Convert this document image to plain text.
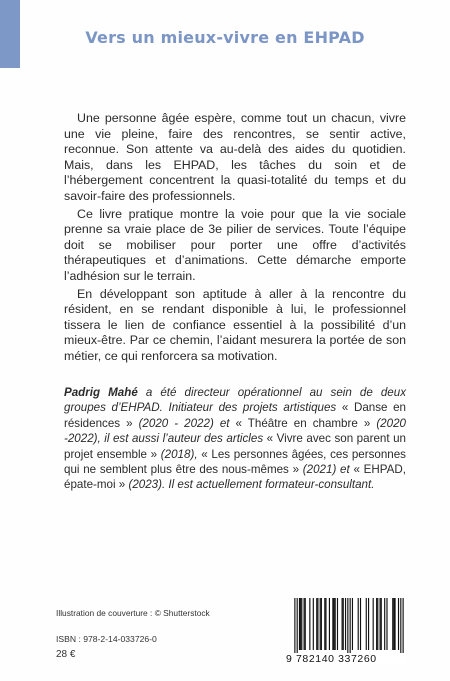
Vers un mieux-vivre en EHPAD

Une personne âgée espère, comme tout un chacun, vivre une vie pleine, faire des rencontres, se sentir active, reconnue. Son attente va au-delà des aides du quotidien. Mais, dans les EHPAD, les tâches du soin et de l’hébergement concentrent la quasi-totalité du temps et du savoir-faire des professionnels.

Ce livre pratique montre la voie pour que la vie sociale prenne sa vraie place de 3e pilier de services. Toute l’équipe doit se mobiliser pour porter une offre d’activités thérapeutiques et d’animations. Cette démarche emporte l’adhésion sur le terrain.

En développant son aptitude à aller à la rencontre du résident, en se rendant disponible à lui, le professionnel tissera le lien de confiance essentiel à la possibilité d’un mieux-être. Par ce chemin, l’aidant mesurera la portée de son métier, ce qui renforcera sa motivation.

Padrig Mahé a été directeur opérationnel au sein de deux groupes d’EHPAD. Initiateur des projets artistiques « Danse en résidences » (2020 - 2022) et « Théâtre en chambre » (2020 -2022), il est aussi l’auteur des articles « Vivre avec son parent un projet ensemble » (2018), « Les personnes âgées, ces personnes qui ne semblent plus être des nous-mêmes » (2021) et « EHPAD, épate-moi » (2023). Il est actuellement formateur-consultant.
Illustration de couverture : © Shutterstock
ISBN : 978-2-14-033726-0
28 €	9 782140 337260
